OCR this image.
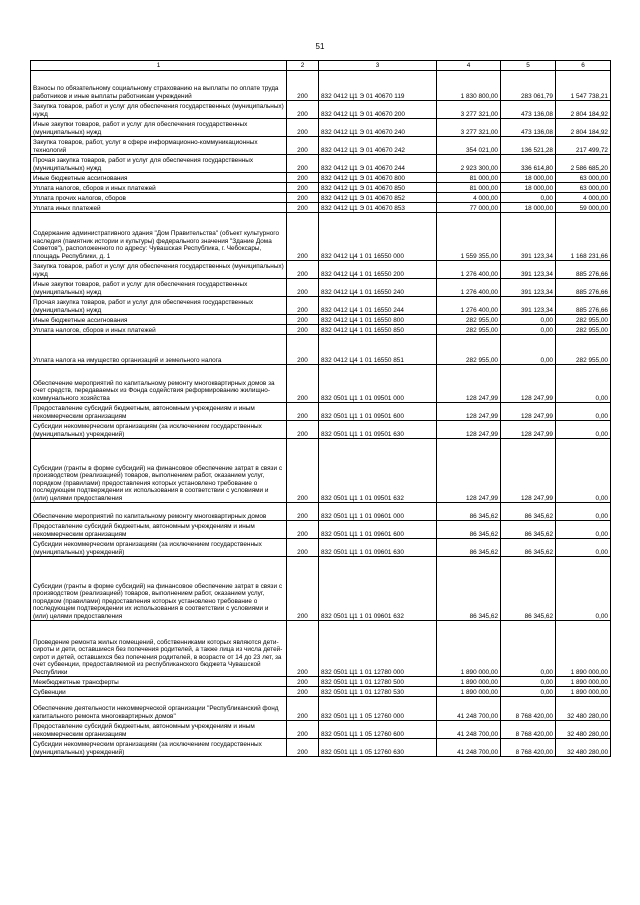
51
1	2	3	4	5	6
Взносы по обязательному социальному страхованию на выплаты по оплате труда работников и иные выплаты работникам учреждений	200	832 0412 Ц1 Э 01 40670 119	1 830 800,00	283 061,79	1 547 738,21
Закупка товаров, работ и услуг для обеспечения государственных (муниципальных) нужд	200	832 0412 Ц1 Э 01 40670 200	3 277 321,00	473 136,08	2 804 184,92
Иные закупки товаров, работ и услуг для обеспечения государственных (муниципальных) нужд	200	832 0412 Ц1 Э 01 40670 240	3 277 321,00	473 136,08	2 804 184,92
Закупка товаров, работ, услуг в сфере информационно-коммуникационных технологий	200	832 0412 Ц1 Э 01 40670 242	354 021,00	136 521,28	217 499,72
Прочая закупка товаров, работ и услуг для обеспечения государственных (муниципальных) нужд	200	832 0412 Ц1 Э 01 40670 244	2 923 300,00	336 614,80	2 586 685,20
Иные бюджетные ассигнования	200	832 0412 Ц1 Э 01 40670 800	81 000,00	18 000,00	63 000,00
Уплата налогов, сборов и иных платежей	200	832 0412 Ц1 Э 01 40670 850	81 000,00	18 000,00	63 000,00
Уплата прочих налогов, сборов	200	832 0412 Ц1 Э 01 40670 852	4 000,00	0,00	4 000,00
Уплата иных платежей	200	832 0412 Ц1 Э 01 40670 853	77 000,00	18 000,00	59 000,00
Содержание административного здания "Дом Правительства" (объект культурного наследия (памятник истории и культуры) федерального значения "Здание Дома Советов"), расположенного по адресу: Чувашская Республика, г. Чебоксары, площадь Республики, д. 1	200	832 0412 Ц4 1 01 16550 000	1 559 355,00	391 123,34	1 168 231,66
Закупка товаров, работ и услуг для обеспечения государственных (муниципальных) нужд	200	832 0412 Ц4 1 01 16550 200	1 276 400,00	391 123,34	885 276,66
Иные закупки товаров, работ и услуг для обеспечения государственных (муниципальных) нужд	200	832 0412 Ц4 1 01 16550 240	1 276 400,00	391 123,34	885 276,66
Прочая закупка товаров, работ и услуг для обеспечения государственных (муниципальных) нужд	200	832 0412 Ц4 1 01 16550 244	1 276 400,00	391 123,34	885 276,66
Иные бюджетные ассигнования	200	832 0412 Ц4 1 01 16550 800	282 955,00	0,00	282 955,00
Уплата налогов, сборов и иных платежей	200	832 0412 Ц4 1 01 16550 850	282 955,00	0,00	282 955,00
Уплата налога на имущество организаций и земельного налога	200	832 0412 Ц4 1 01 16550 851	282 955,00	0,00	282 955,00
Обеспечение мероприятий по капитальному ремонту многоквартирных домов за счет средств, передаваемых из Фонда содействия реформированию жилищно-коммунального хозяйства	200	832 0501 Ц1 1 01 09501 000	128 247,99	128 247,99	0,00
Предоставление субсидий бюджетным, автономным учреждениям и иным некоммерческим организациям	200	832 0501 Ц1 1 01 09501 600	128 247,99	128 247,99	0,00
Субсидии некоммерческим организациям (за исключением государственных (муниципальных) учреждений)	200	832 0501 Ц1 1 01 09501 630	128 247,99	128 247,99	0,00
Субсидии (гранты в форме субсидий) на финансовое обеспечение затрат в связи с производством (реализацией) товаров, выполнением работ, оказанием услуг, порядком (правилами) предоставления которых установлено требование о последующем подтверждении их использования в соответствии с условиями и (или) целями предоставления	200	832 0501 Ц1 1 01 09501 632	128 247,99	128 247,99	0,00
Обеспечение мероприятий по капитальному ремонту многоквартирных домов	200	832 0501 Ц1 1 01 09601 000	86 345,62	86 345,62	0,00
Предоставление субсидий бюджетным, автономным учреждениям и иным некоммерческим организациям	200	832 0501 Ц1 1 01 09601 600	86 345,62	86 345,62	0,00
Субсидии некоммерческим организациям (за исключением государственных (муниципальных) учреждений)	200	832 0501 Ц1 1 01 09601 630	86 345,62	86 345,62	0,00
Субсидии (гранты в форме субсидий) на финансовое обеспечение затрат в связи с производством (реализацией) товаров, выполнением работ, оказанием услуг, порядком (правилами) предоставления которых установлено требование о последующем подтверждении их использования в соответствии с условиями и (или) целями предоставления	200	832 0501 Ц1 1 01 09601 632	86 345,62	86 345,62	0,00
Проведение ремонта жилых помещений, собственниками которых являются дети-сироты и дети, оставшиеся без попечения родителей, а также лица из числа детей-сирот и детей, оставшихся без попечения родителей, в возрасте от 14 до 23 лет, за счет субвенции, предоставляемой из республиканского бюджета Чувашской Республики	200	832 0501 Ц1 1 01 12780 000	1 890 000,00	0,00	1 890 000,00
Межбюджетные трансферты	200	832 0501 Ц1 1 01 12780 500	1 890 000,00	0,00	1 890 000,00
Субвенции	200	832 0501 Ц1 1 01 12780 530	1 890 000,00	0,00	1 890 000,00
Обеспечение деятельности некоммерческой организации "Республиканский фонд капитального ремонта многоквартирных домов"	200	832 0501 Ц1 1 05 12760 000	41 248 700,00	8 768 420,00	32 480 280,00
Предоставление субсидий бюджетным, автономным учреждениям и иным некоммерческим организациям	200	832 0501 Ц1 1 05 12760 600	41 248 700,00	8 768 420,00	32 480 280,00
Субсидии некоммерческим организациям (за исключением государственных (муниципальных) учреждений)	200	832 0501 Ц1 1 05 12760 630	41 248 700,00	8 768 420,00	32 480 280,00
